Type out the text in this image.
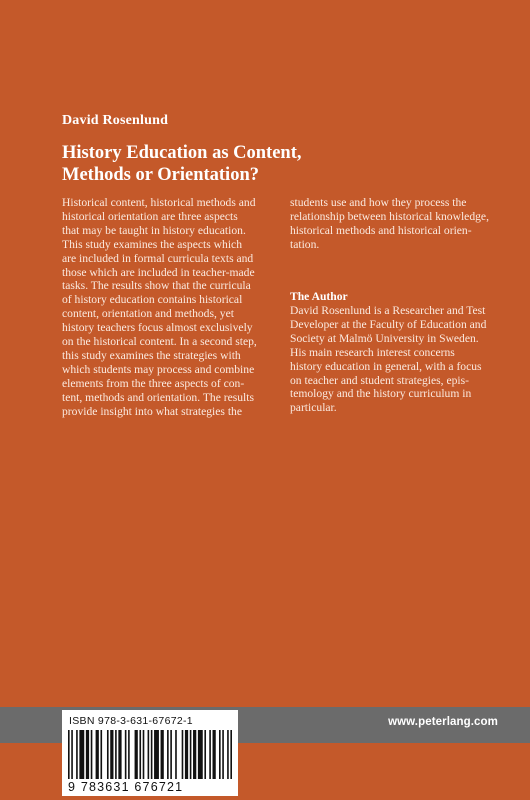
David Rosenlund
History Education as Content,
Methods or Orientation?
Historical content, historical methods and
historical orientation are three aspects
that may be taught in history education.
This study examines the aspects which
are included in formal curricula texts and
those which are included in teacher-made
tasks. The results show that the curricula
of history education contains historical
content, orientation and methods, yet
history teachers focus almost exclusively
on the historical content. In a second step,
this study examines the strategies with
which students may process and combine
elements from the three aspects of con-
tent, methods and orientation. The results
provide insight into what strategies the
students use and how they process the
relationship between historical knowledge,
historical methods and historical orien-
tation.
The Author
David Rosenlund is a Researcher and Test
Developer at the Faculty of Education and
Society at Malmö University in Sweden.
His main research interest concerns
history education in general, with a focus
on teacher and student strategies, epis-
temology and the history curriculum in
particular.
www.peterlang.com
ISBN 978-3-631-67672-1
9 783631 676721
